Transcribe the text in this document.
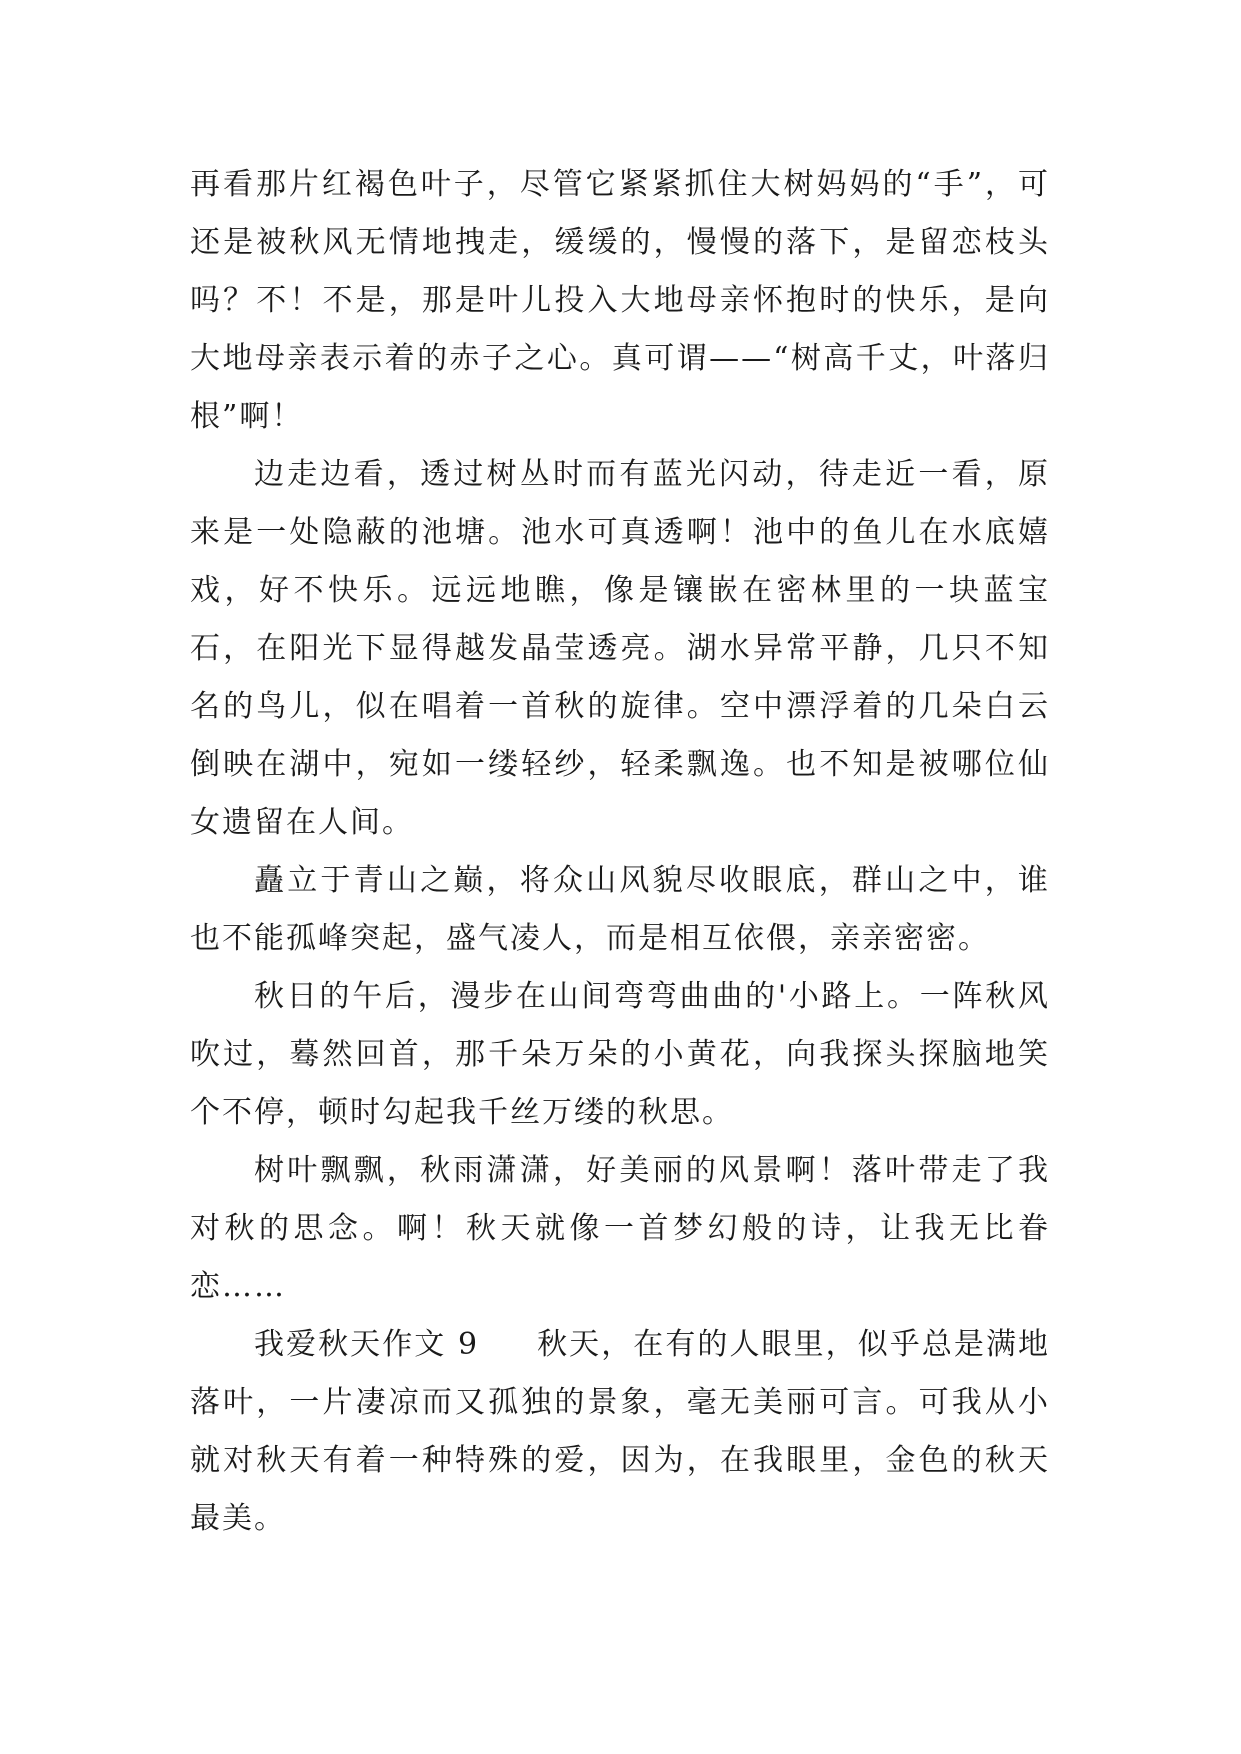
再看那片红褐色叶子，尽管它紧紧抓住大树妈妈的“手”，可还是被秋风无情地拽走，缓缓的，慢慢的落下，是留恋枝头吗？不！不是，那是叶儿投入大地母亲怀抱时的快乐，是向大地母亲表示着的赤子之心。真可谓——“树高千丈，叶落归根”啊！

边走边看，透过树丛时而有蓝光闪动，待走近一看，原来是一处隐蔽的池塘。池水可真透啊！池中的鱼儿在水底嬉戏，好不快乐。远远地瞧，像是镶嵌在密林里的一块蓝宝石，在阳光下显得越发晶莹透亮。湖水异常平静，几只不知名的鸟儿，似在唱着一首秋的旋律。空中漂浮着的几朵白云倒映在湖中，宛如一缕轻纱，轻柔飘逸。也不知是被哪位仙女遗留在人间。

矗立于青山之巅，将众山风貌尽收眼底，群山之中，谁也不能孤峰突起，盛气凌人，而是相互依偎，亲亲密密。

秋日的午后，漫步在山间弯弯曲曲的'小路上。一阵秋风吹过，蓦然回首，那千朵万朵的小黄花，向我探头探脑地笑个不停，顿时勾起我千丝万缕的秋思。

树叶飘飘，秋雨潇潇，好美丽的风景啊！落叶带走了我对秋的思念。啊！秋天就像一首梦幻般的诗，让我无比眷恋……

我爱秋天作文 9 秋天，在有的人眼里，似乎总是满地落叶，一片凄凉而又孤独的景象，毫无美丽可言。可我从小就对秋天有着一种特殊的爱，因为，在我眼里，金色的秋天最美。
